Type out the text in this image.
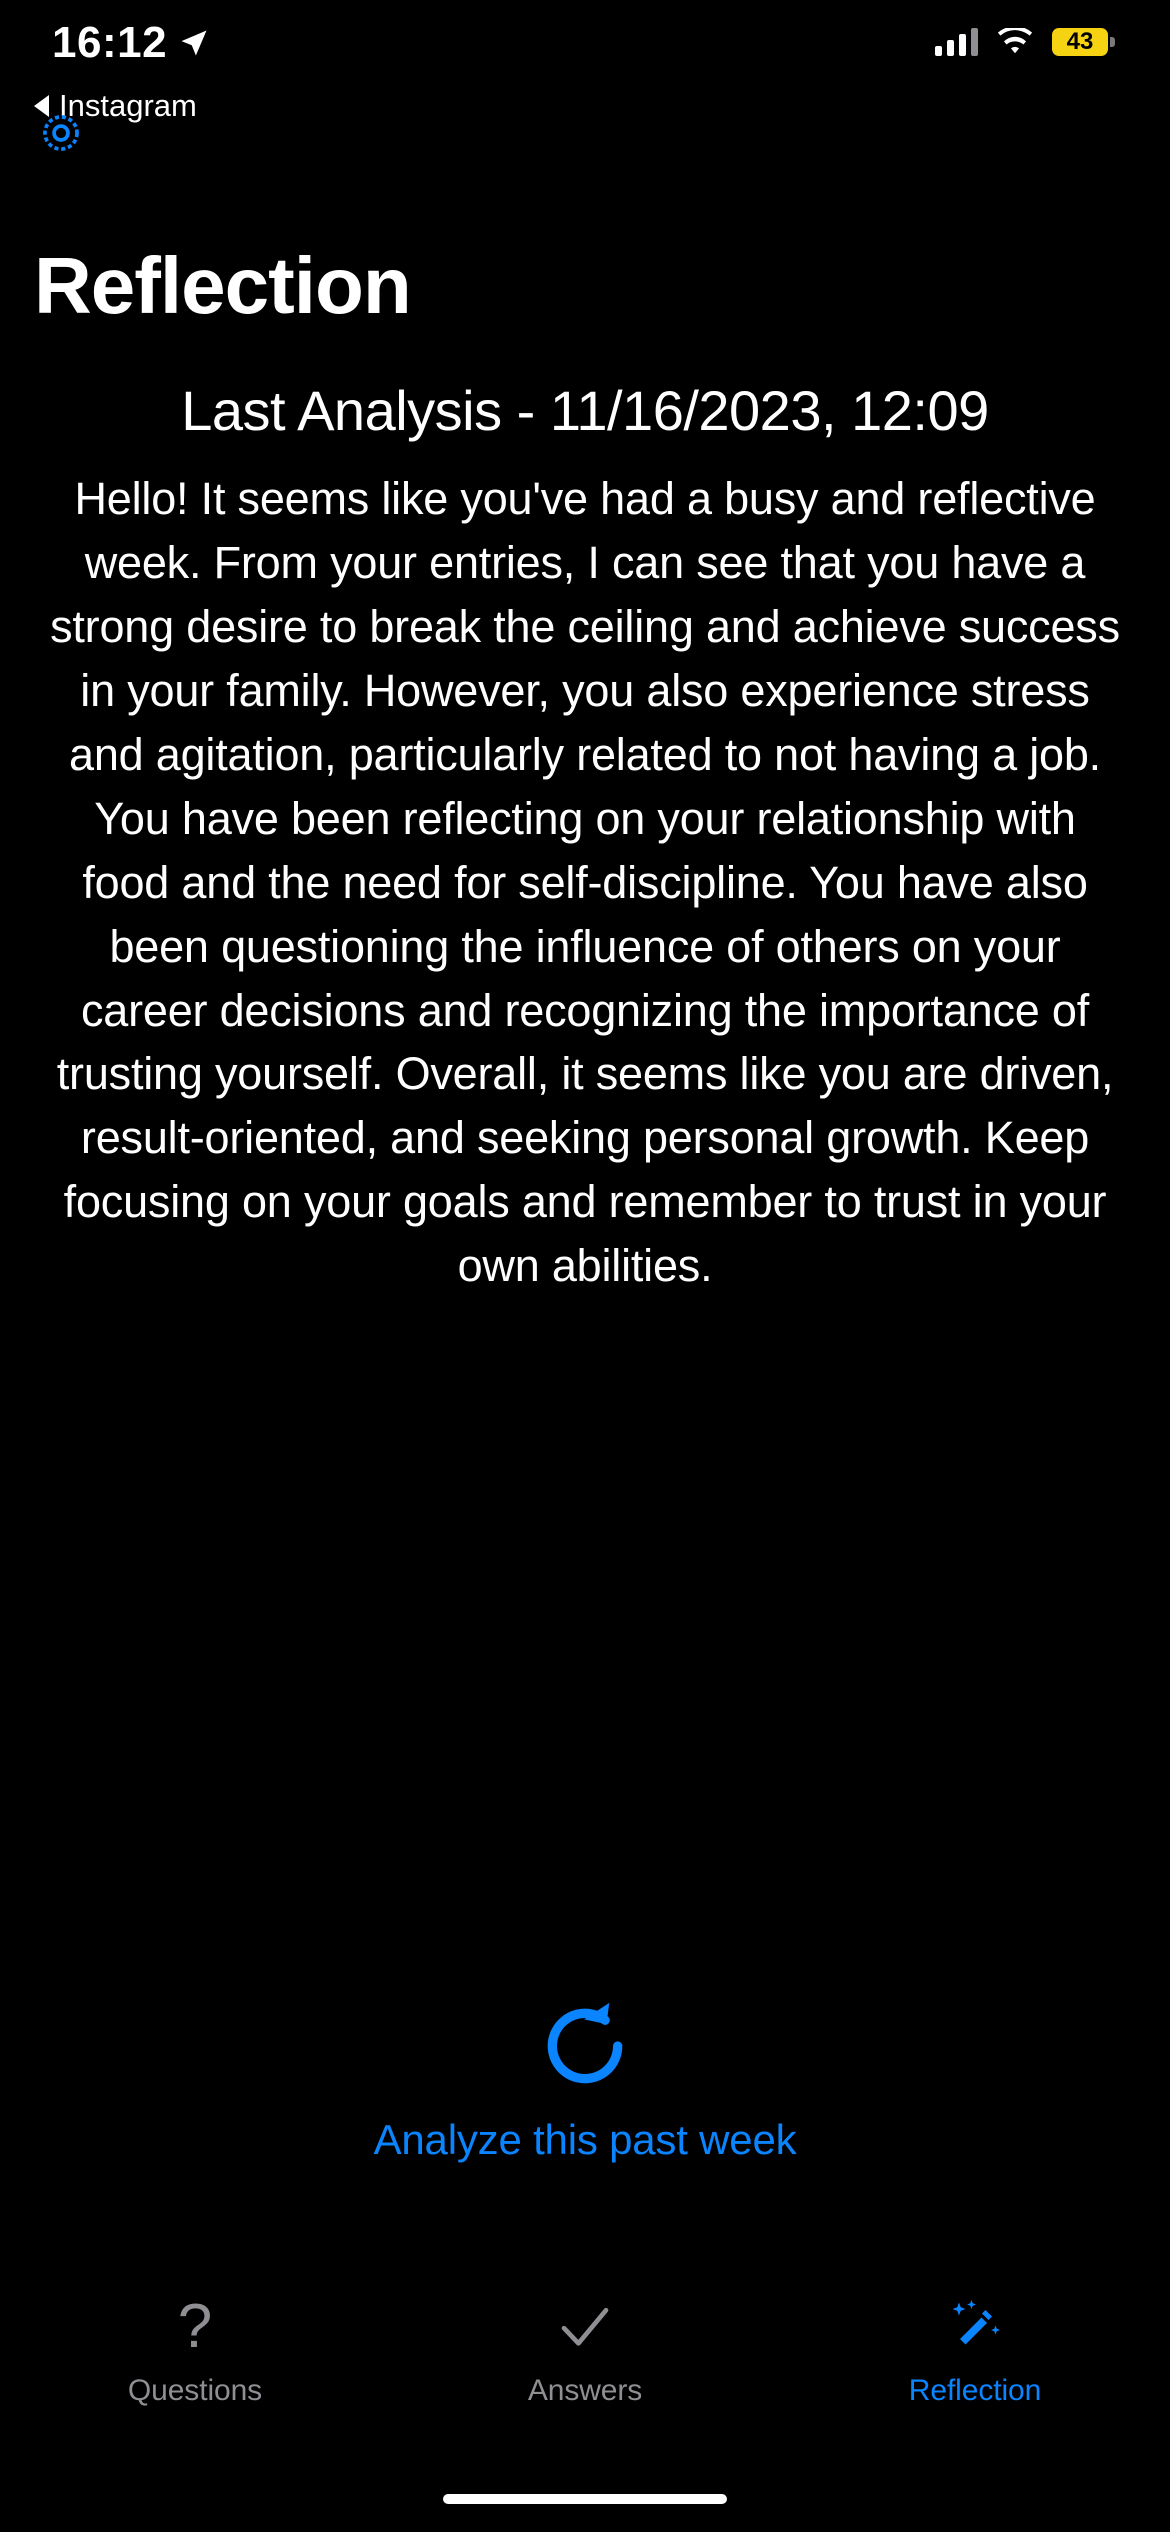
16:12	43
Instagram
Reflection
Last Analysis - 11/16/2023, 12:09

Hello! It seems like you've had a busy and reflective week. From your entries, I can see that you have a strong desire to break the ceiling and achieve success in your family. However, you also experience stress and agitation, particularly related to not having a job. You have been reflecting on your relationship with food and the need for self-discipline. You have also been questioning the influence of others on your career decisions and recognizing the importance of trusting yourself. Overall, it seems like you are driven, result-oriented, and seeking personal growth. Keep focusing on your goals and remember to trust in your own abilities.

Analyze this past week
?
Questions	Answers	Reflection
